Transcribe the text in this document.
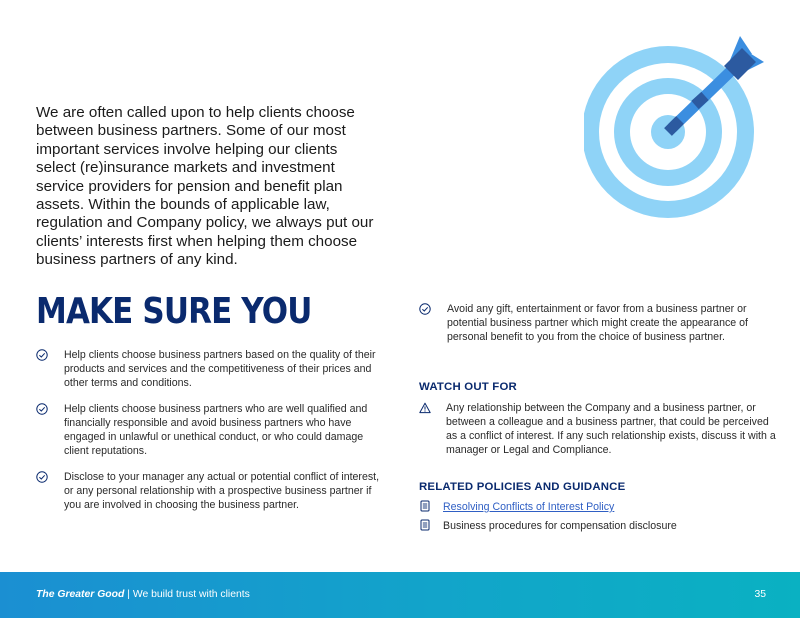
We are often called upon to help clients choose between business partners. Some of our most important services involve helping our clients select (re)insurance markets and investment service providers for pension and benefit plan assets. Within the bounds of applicable law, regulation and Company policy, we always put our clients’ interests first when helping them choose business partners of any kind.

MAKE SURE YOU
Help clients choose business partners based on the quality of their products and services and the competitiveness of their prices and other terms and conditions.
Help clients choose business partners who are well qualified and financially responsible and avoid business partners who have engaged in unlawful or unethical conduct, or who could damage client reputations.
Disclose to your manager any actual or potential conflict of interest, or any personal relationship with a prospective business partner if you are involved in choosing the business partner.
Avoid any gift, entertainment or favor from a business partner or potential business partner which might create the appearance of personal benefit to you from the choice of business partner.
WATCH OUT FOR
Any relationship between the Company and a business partner, or between a colleague and a business partner, that could be perceived as a conflict of interest. If any such relationship exists, discuss it with a manager or Legal and Compliance.
RELATED POLICIES AND GUIDANCE
Resolving Conflicts of Interest Policy
Business procedures for compensation disclosure
The Greater Good | We build trust with clients	35
